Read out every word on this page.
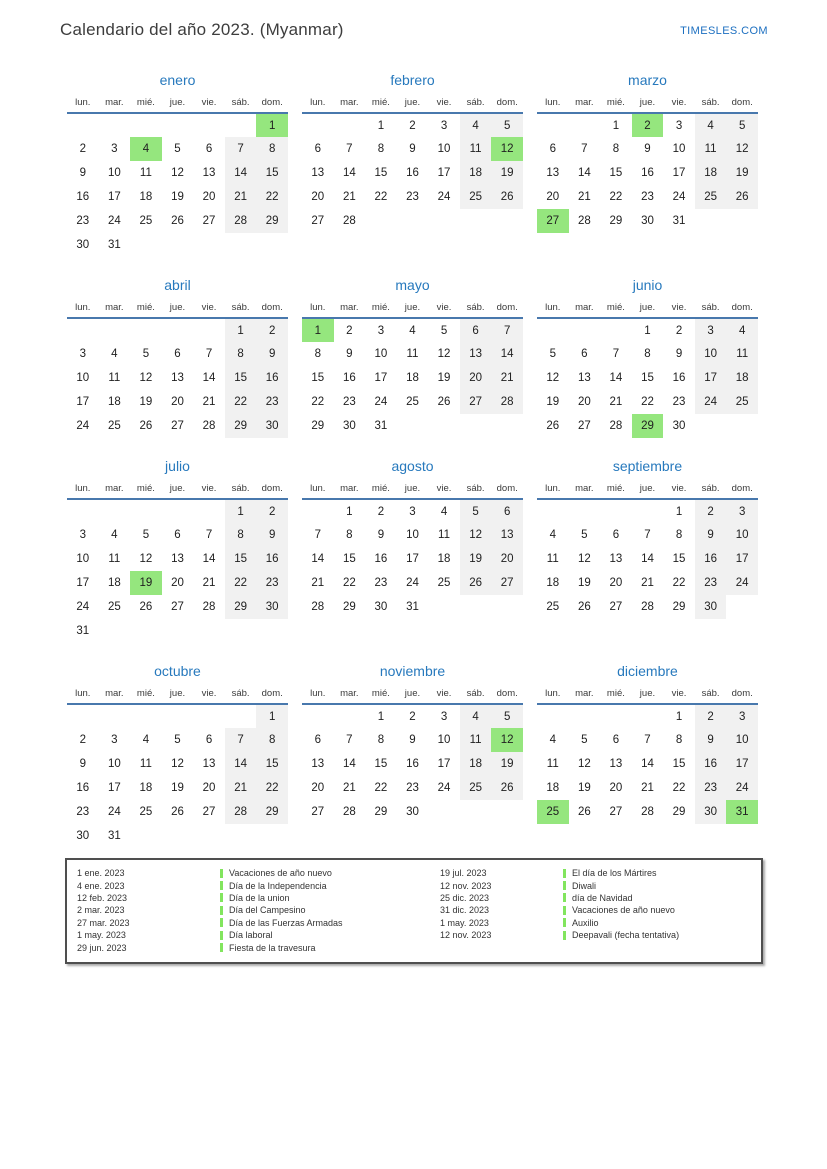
Calendario del año 2023. (Myanmar)	TIMESLES.COM
enero
lun.	mar.	mié.	jue.	vie.	sáb.	dom.
						1
2	3	4	5	6	7	8
9	10	11	12	13	14	15
16	17	18	19	20	21	22
23	24	25	26	27	28	29
30	31					
febrero
lun.	mar.	mié.	jue.	vie.	sáb.	dom.
		1	2	3	4	5
6	7	8	9	10	11	12
13	14	15	16	17	18	19
20	21	22	23	24	25	26
27	28					
marzo
lun.	mar.	mié.	jue.	vie.	sáb.	dom.
		1	2	3	4	5
6	7	8	9	10	11	12
13	14	15	16	17	18	19
20	21	22	23	24	25	26
27	28	29	30	31		
abril
lun.	mar.	mié.	jue.	vie.	sáb.	dom.
					1	2
3	4	5	6	7	8	9
10	11	12	13	14	15	16
17	18	19	20	21	22	23
24	25	26	27	28	29	30
mayo
lun.	mar.	mié.	jue.	vie.	sáb.	dom.
1	2	3	4	5	6	7
8	9	10	11	12	13	14
15	16	17	18	19	20	21
22	23	24	25	26	27	28
29	30	31				
junio
lun.	mar.	mié.	jue.	vie.	sáb.	dom.
			1	2	3	4
5	6	7	8	9	10	11
12	13	14	15	16	17	18
19	20	21	22	23	24	25
26	27	28	29	30		
julio
lun.	mar.	mié.	jue.	vie.	sáb.	dom.
					1	2
3	4	5	6	7	8	9
10	11	12	13	14	15	16
17	18	19	20	21	22	23
24	25	26	27	28	29	30
31						
agosto
lun.	mar.	mié.	jue.	vie.	sáb.	dom.
	1	2	3	4	5	6
7	8	9	10	11	12	13
14	15	16	17	18	19	20
21	22	23	24	25	26	27
28	29	30	31			
septiembre
lun.	mar.	mié.	jue.	vie.	sáb.	dom.
				1	2	3
4	5	6	7	8	9	10
11	12	13	14	15	16	17
18	19	20	21	22	23	24
25	26	27	28	29	30	
octubre
lun.	mar.	mié.	jue.	vie.	sáb.	dom.
						1
2	3	4	5	6	7	8
9	10	11	12	13	14	15
16	17	18	19	20	21	22
23	24	25	26	27	28	29
30	31					
noviembre
lun.	mar.	mié.	jue.	vie.	sáb.	dom.
		1	2	3	4	5
6	7	8	9	10	11	12
13	14	15	16	17	18	19
20	21	22	23	24	25	26
27	28	29	30			
diciembre
lun.	mar.	mié.	jue.	vie.	sáb.	dom.
				1	2	3
4	5	6	7	8	9	10
11	12	13	14	15	16	17
18	19	20	21	22	23	24
25	26	27	28	29	30	31
1 ene. 2023	Vacaciones de año nuevo
4 ene. 2023	Día de la Independencia
12 feb. 2023	Día de la union
2 mar. 2023	Día del Campesino
27 mar. 2023	Día de las Fuerzas Armadas
1 may. 2023	Día laboral
29 jun. 2023	Fiesta de la travesura
19 jul. 2023	El día de los Mártires
12 nov. 2023	Diwali
25 dic. 2023	día de Navidad
31 dic. 2023	Vacaciones de año nuevo
1 may. 2023	Auxilio
12 nov. 2023	Deepavali (fecha tentativa)
